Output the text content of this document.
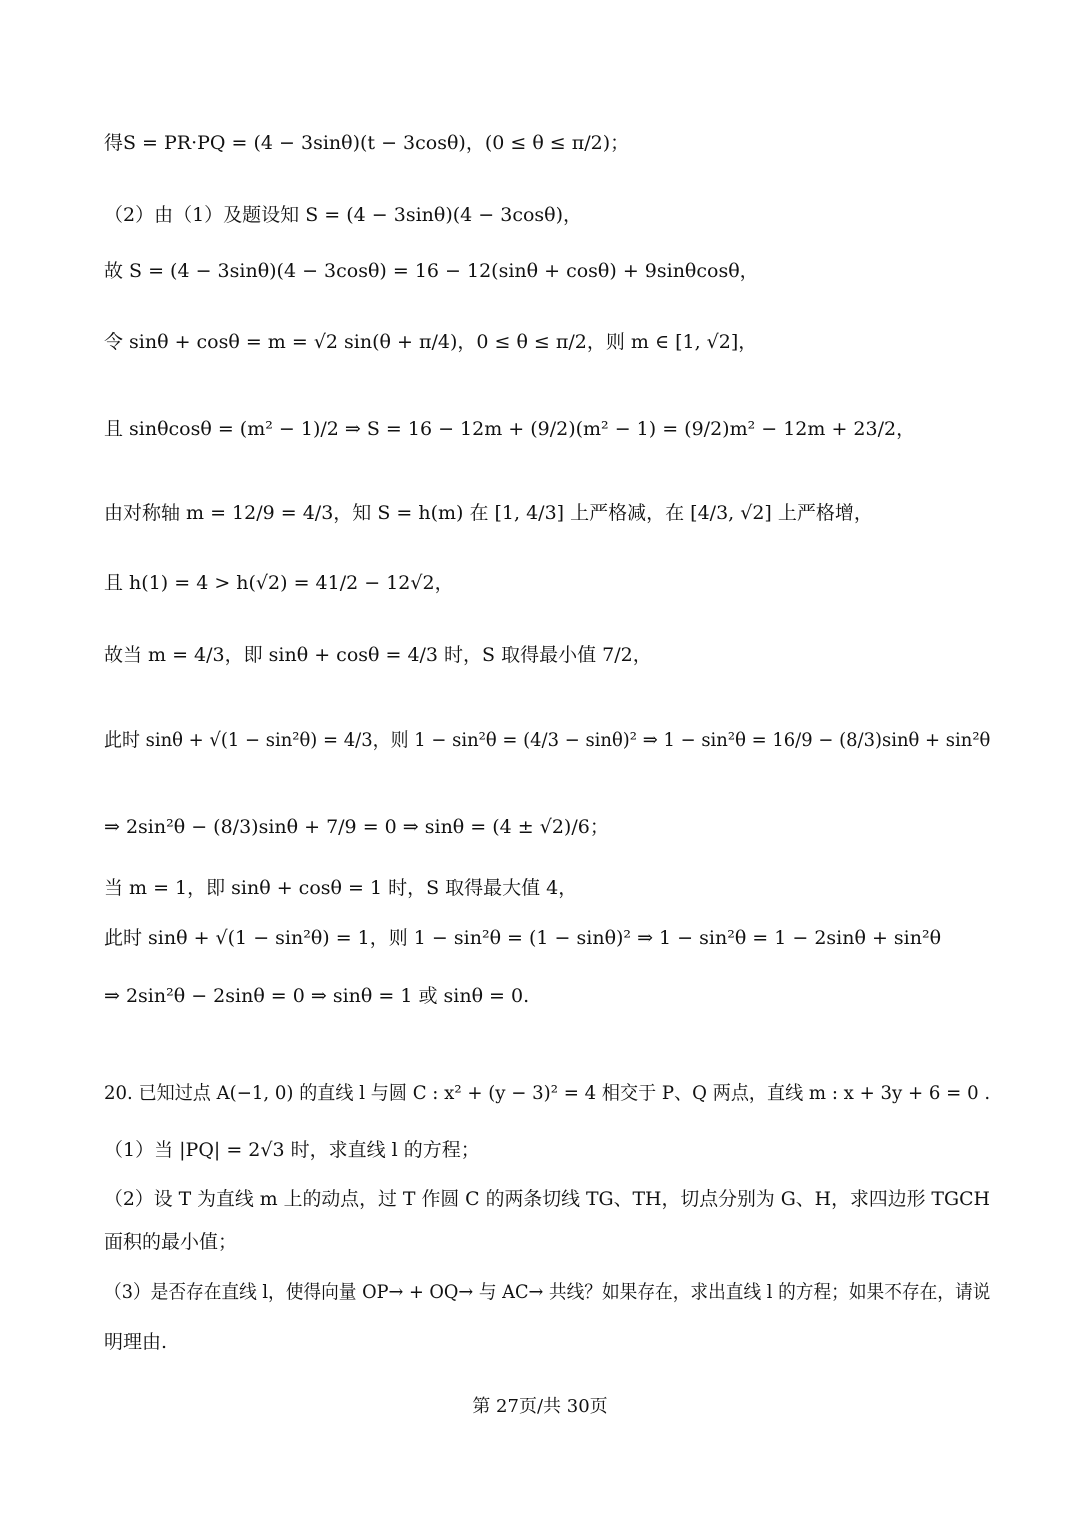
得S = PR·PQ = (4 − 3sinθ)(t − 3cosθ)，(0 ≤ θ ≤ π/2)；
（2）由（1）及题设知 S = (4 − 3sinθ)(4 − 3cosθ)，
故 S = (4 − 3sinθ)(4 − 3cosθ) = 16 − 12(sinθ + cosθ) + 9sinθcosθ，
令 sinθ + cosθ = m = √2 sin(θ + π/4)，0 ≤ θ ≤ π/2，则 m ∈ [1, √2]，
且 sinθcosθ = (m² − 1)/2 ⇒ S = 16 − 12m + (9/2)(m² − 1) = (9/2)m² − 12m + 23/2，
由对称轴 m = 12/9 = 4/3，知 S = h(m) 在 [1, 4/3] 上严格减，在 [4/3, √2] 上严格增，
且 h(1) = 4 > h(√2) = 41/2 − 12√2，
故当 m = 4/3，即 sinθ + cosθ = 4/3 时，S 取得最小值 7/2，
此时 sinθ + √(1 − sin²θ) = 4/3，则 1 − sin²θ = (4/3 − sinθ)² ⇒ 1 − sin²θ = 16/9 − (8/3)sinθ + sin²θ
⇒ 2sin²θ − (8/3)sinθ + 7/9 = 0 ⇒ sinθ = (4 ± √2)/6；
当 m = 1，即 sinθ + cosθ = 1 时，S 取得最大值 4，
此时 sinθ + √(1 − sin²θ) = 1，则 1 − sin²θ = (1 − sinθ)² ⇒ 1 − sin²θ = 1 − 2sinθ + sin²θ
⇒ 2sin²θ − 2sinθ = 0 ⇒ sinθ = 1 或 sinθ = 0.
20. 已知过点 A(−1, 0) 的直线 l 与圆 C : x² + (y − 3)² = 4 相交于 P、Q 两点，直线 m : x + 3y + 6 = 0 .
（1）当 |PQ| = 2√3 时，求直线 l 的方程；
（2）设 T 为直线 m 上的动点，过 T 作圆 C 的两条切线 TG、TH，切点分别为 G、H，求四边形 TGCH
面积的最小值；
（3）是否存在直线 l，使得向量 OP→ + OQ→ 与 AC→ 共线？如果存在，求出直线 l 的方程；如果不存在，请说
明理由.
第 27页/共 30页
